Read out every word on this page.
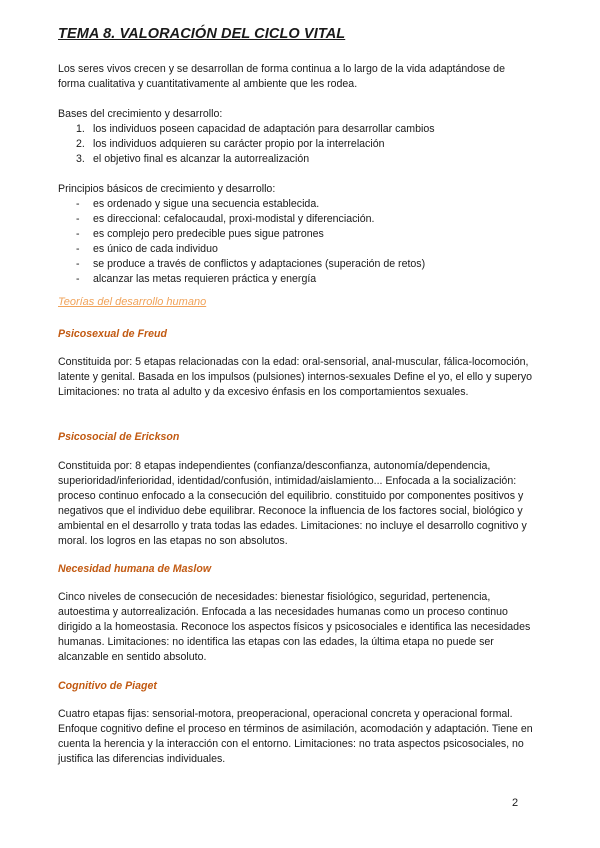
TEMA 8. VALORACIÓN DEL CICLO VITAL

Los seres vivos crecen y se desarrollan de forma continua a lo largo de la vida adaptándose de forma cualitativa y cuantitativamente al ambiente que les rodea.

Bases del crecimiento y desarrollo:

1. los individuos poseen capacidad de adaptación para desarrollar cambios
2. los individuos adquieren su carácter propio por la interrelación
3. el objetivo final es alcanzar la autorrealización

Principios básicos de crecimiento y desarrollo:

- es ordenado y sigue una secuencia establecida.
- es direccional: cefalocaudal, proxi-modistal y diferenciación.
- es complejo pero predecible pues sigue patrones
- es único de cada individuo
- se produce a través de conflictos y adaptaciones (superación de retos)
- alcanzar las metas requieren práctica y energía

Teorías del desarrollo humano

Psicosexual de Freud

Constituida por: 5 etapas relacionadas con la edad: oral-sensorial, anal-muscular, fálica-locomoción, latente y genital. Basada en los impulsos (pulsiones) internos-sexuales Define el yo, el ello y superyo Limitaciones: no trata al adulto y da excesivo énfasis en los comportamientos sexuales.

Psicosocial de Erickson

Constituida por: 8 etapas independientes (confianza/desconfianza, autonomía/dependencia, superioridad/inferioridad, identidad/confusión, intimidad/aislamiento... Enfocada a la socialización: proceso continuo enfocado a la consecución del equilibrio. constituido por componentes positivos y negativos que el individuo debe equilibrar. Reconoce la influencia de los factores social, biológico y ambiental en el desarrollo y trata todas las edades. Limitaciones: no incluye el desarrollo cognitivo y moral. los logros en las etapas no son absolutos.

Necesidad humana de Maslow

Cinco niveles de consecución de necesidades: bienestar fisiológico, seguridad, pertenencia, autoestima y autorrealización. Enfocada a las necesidades humanas como un proceso continuo dirigido a la homeostasia. Reconoce los aspectos físicos y psicosociales e identifica las necesidades humanas. Limitaciones: no identifica las etapas con las edades, la última etapa no puede ser alcanzable en sentido absoluto.

Cognitivo de Piaget

Cuatro etapas fijas: sensorial-motora, preoperacional, operacional concreta y operacional formal. Enfoque cognitivo define el proceso en términos de asimilación, acomodación y adaptación. Tiene en cuenta la herencia y la interacción con el entorno. Limitaciones: no trata aspectos psicosociales, no justifica las diferencias individuales.

2
